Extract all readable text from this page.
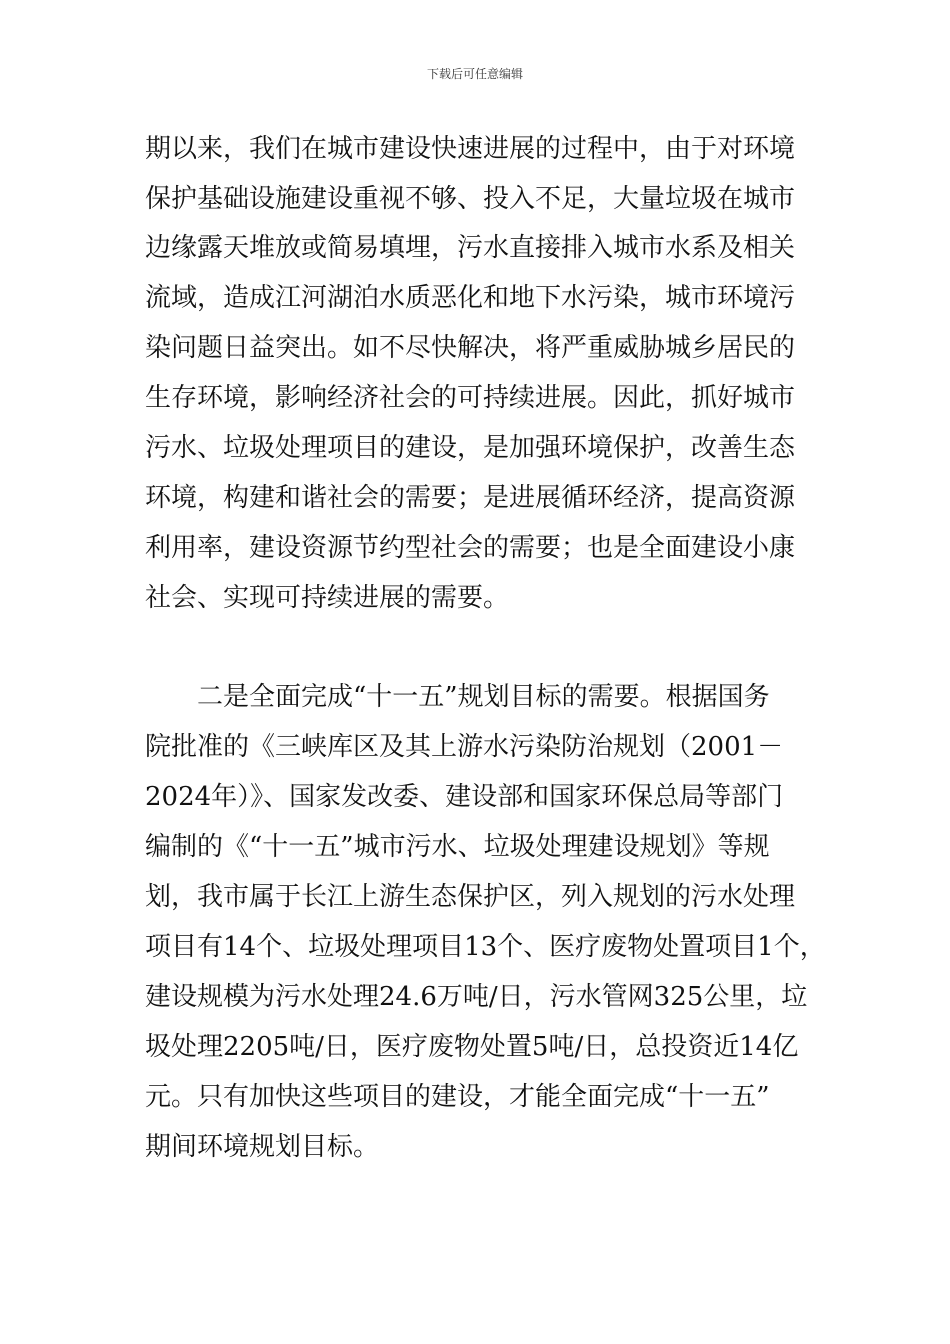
下载后可任意编辑
期以来，我们在城市建设快速进展的过程中，由于对环境
保护基础设施建设重视不够、投入不足，大量垃圾在城市
边缘露天堆放或简易填埋，污水直接排入城市水系及相关
流域，造成江河湖泊水质恶化和地下水污染，城市环境污
染问题日益突出。如不尽快解决，将严重威胁城乡居民的
生存环境，影响经济社会的可持续进展。因此，抓好城市
污水、垃圾处理项目的建设，是加强环境保护，改善生态
环境，构建和谐社会的需要；是进展循环经济，提高资源
利用率，建设资源节约型社会的需要；也是全面建设小康
社会、实现可持续进展的需要。
二是全面完成“十一五”规划目标的需要。根据国务
院批准的《三峡库区及其上游水污染防治规划（2001－
2024年）》、国家发改委、建设部和国家环保总局等部门
编制的《“十一五”城市污水、垃圾处理建设规划》等规
划，我市属于长江上游生态保护区，列入规划的污水处理
项目有14个、垃圾处理项目13个、医疗废物处置项目1个，
建设规模为污水处理24.6万吨/日，污水管网325公里，垃
圾处理2205吨/日，医疗废物处置5吨/日，总投资近14亿
元。只有加快这些项目的建设，才能全面完成“十一五”
期间环境规划目标。
